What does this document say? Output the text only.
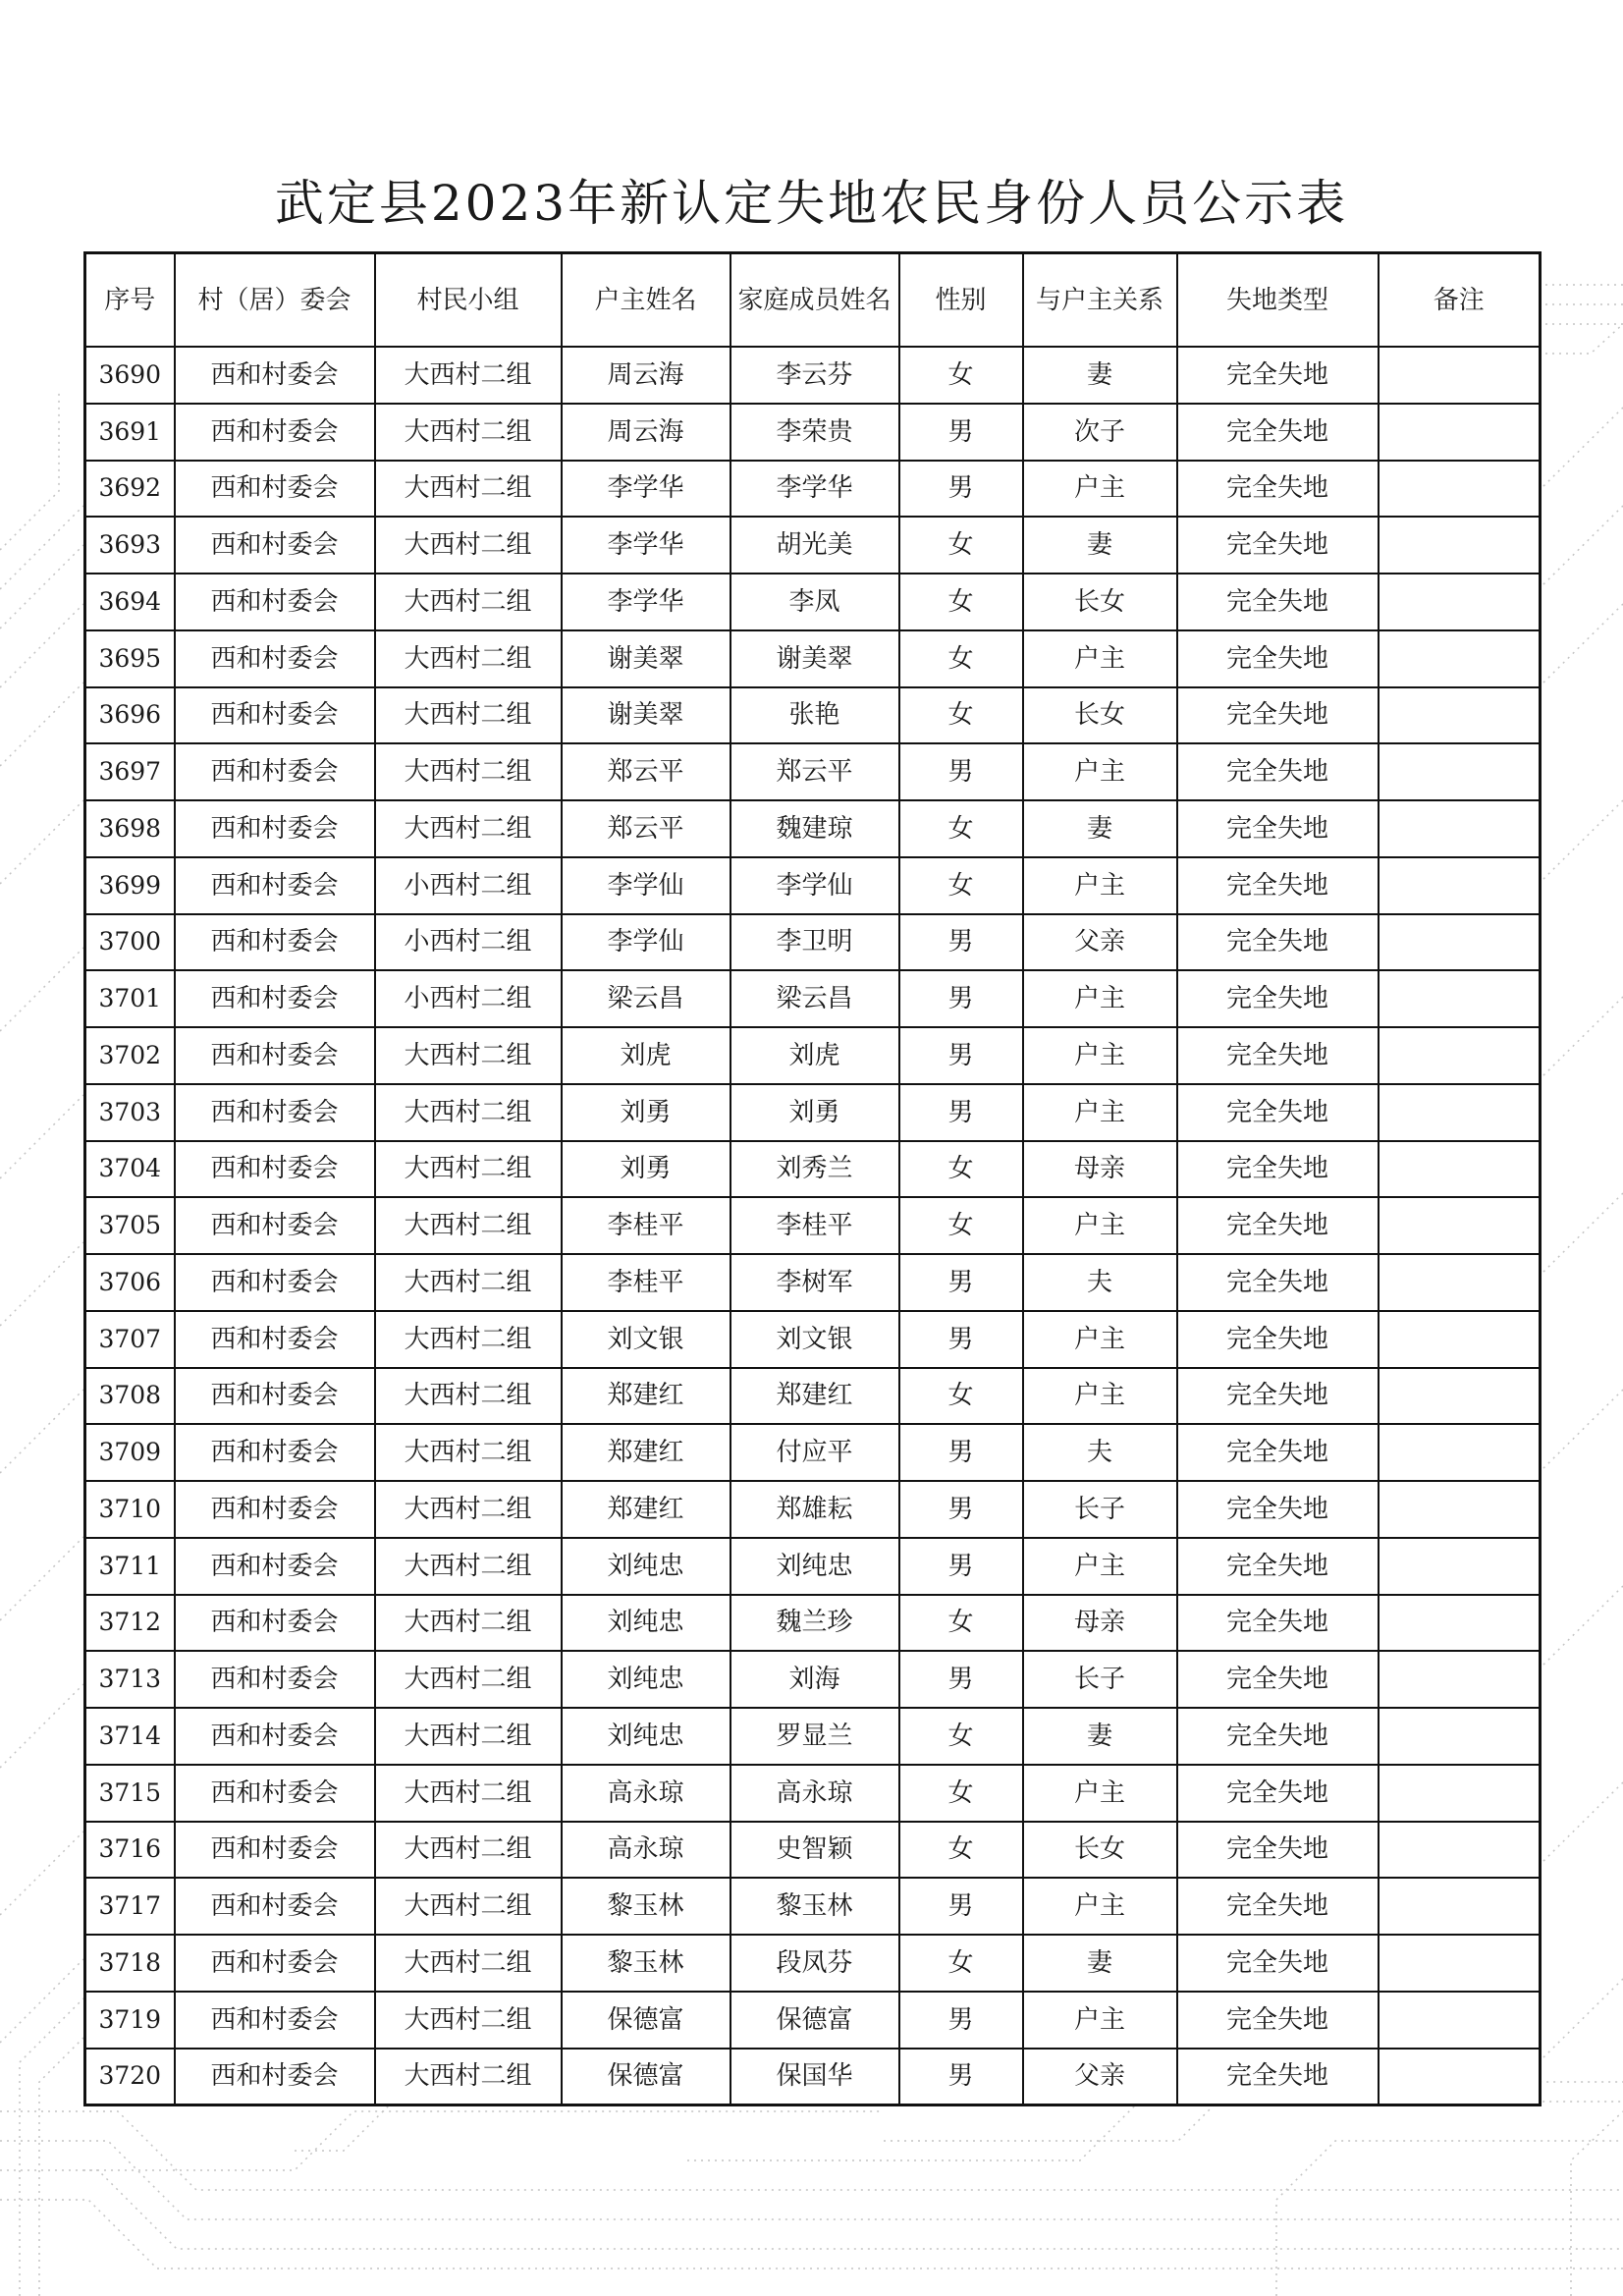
武定县2023年新认定失地农民身份人员公示表
序号	村（居）委会	村民小组	户主姓名	家庭成员姓名	性别	与户主关系	失地类型	备注
3690	西和村委会	大西村二组	周云海	李云芬	女	妻	完全失地	
3691	西和村委会	大西村二组	周云海	李荣贵	男	次子	完全失地	
3692	西和村委会	大西村二组	李学华	李学华	男	户主	完全失地	
3693	西和村委会	大西村二组	李学华	胡光美	女	妻	完全失地	
3694	西和村委会	大西村二组	李学华	李凤	女	长女	完全失地	
3695	西和村委会	大西村二组	谢美翠	谢美翠	女	户主	完全失地	
3696	西和村委会	大西村二组	谢美翠	张艳	女	长女	完全失地	
3697	西和村委会	大西村二组	郑云平	郑云平	男	户主	完全失地	
3698	西和村委会	大西村二组	郑云平	魏建琼	女	妻	完全失地	
3699	西和村委会	小西村二组	李学仙	李学仙	女	户主	完全失地	
3700	西和村委会	小西村二组	李学仙	李卫明	男	父亲	完全失地	
3701	西和村委会	小西村二组	梁云昌	梁云昌	男	户主	完全失地	
3702	西和村委会	大西村二组	刘虎	刘虎	男	户主	完全失地	
3703	西和村委会	大西村二组	刘勇	刘勇	男	户主	完全失地	
3704	西和村委会	大西村二组	刘勇	刘秀兰	女	母亲	完全失地	
3705	西和村委会	大西村二组	李桂平	李桂平	女	户主	完全失地	
3706	西和村委会	大西村二组	李桂平	李树军	男	夫	完全失地	
3707	西和村委会	大西村二组	刘文银	刘文银	男	户主	完全失地	
3708	西和村委会	大西村二组	郑建红	郑建红	女	户主	完全失地	
3709	西和村委会	大西村二组	郑建红	付应平	男	夫	完全失地	
3710	西和村委会	大西村二组	郑建红	郑雄耘	男	长子	完全失地	
3711	西和村委会	大西村二组	刘纯忠	刘纯忠	男	户主	完全失地	
3712	西和村委会	大西村二组	刘纯忠	魏兰珍	女	母亲	完全失地	
3713	西和村委会	大西村二组	刘纯忠	刘海	男	长子	完全失地	
3714	西和村委会	大西村二组	刘纯忠	罗显兰	女	妻	完全失地	
3715	西和村委会	大西村二组	高永琼	高永琼	女	户主	完全失地	
3716	西和村委会	大西村二组	高永琼	史智颖	女	长女	完全失地	
3717	西和村委会	大西村二组	黎玉林	黎玉林	男	户主	完全失地	
3718	西和村委会	大西村二组	黎玉林	段凤芬	女	妻	完全失地	
3719	西和村委会	大西村二组	保德富	保德富	男	户主	完全失地	
3720	西和村委会	大西村二组	保德富	保国华	男	父亲	完全失地	
